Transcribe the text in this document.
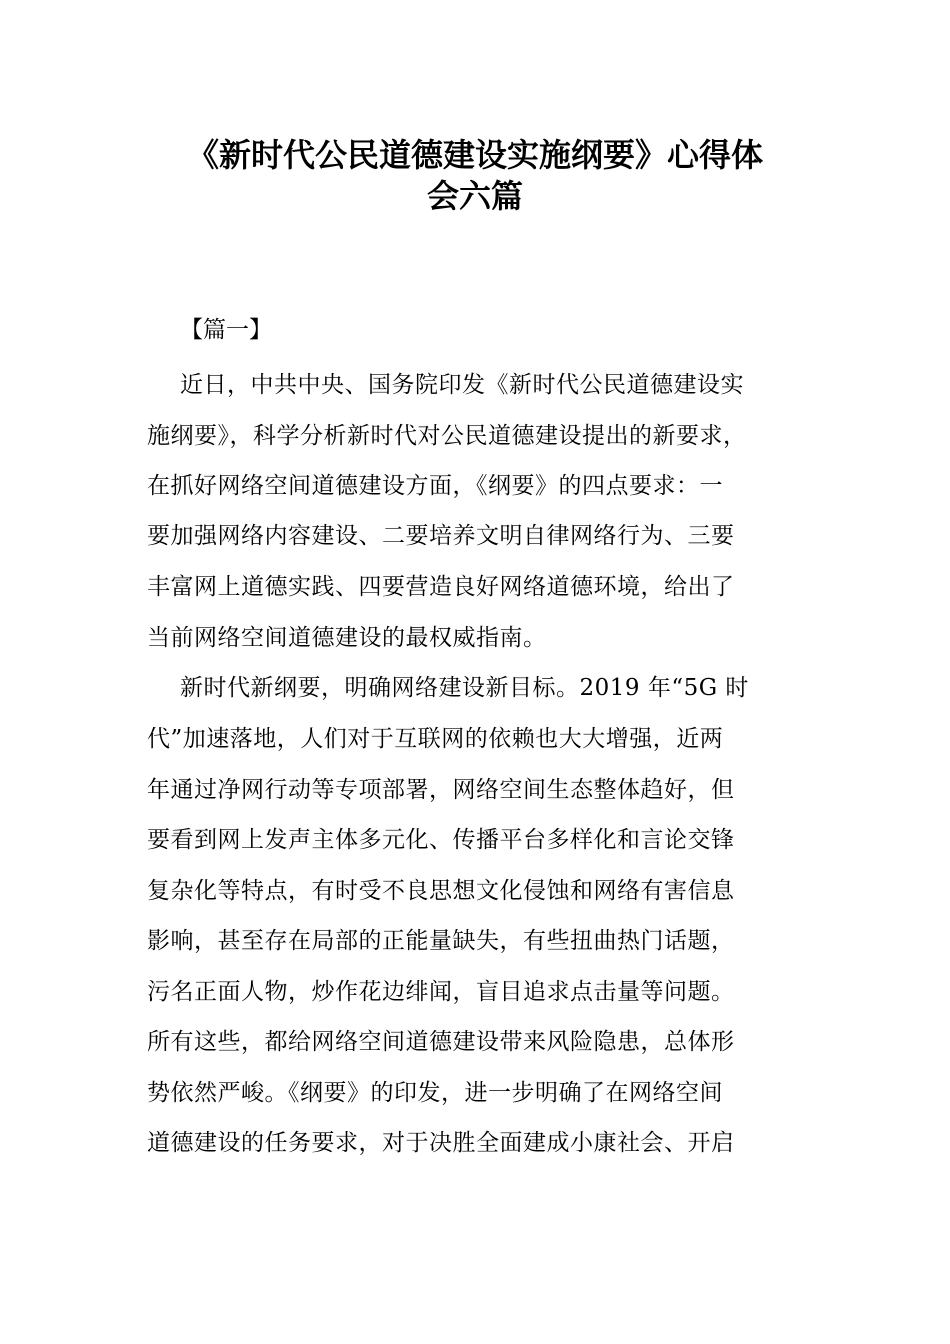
《新时代公民道德建设实施纲要》心得体
会六篇

【篇一】

近日，中共中央、国务院印发《新时代公民道德建设实

施纲要》，科学分析新时代对公民道德建设提出的新要求，

在抓好网络空间道德建设方面，《纲要》的四点要求：一

要加强网络内容建设、二要培养文明自律网络行为、三要

丰富网上道德实践、四要营造良好网络道德环境，给出了

当前网络空间道德建设的最权威指南。

新时代新纲要，明确网络建设新目标。2019 年“5G 时

代”加速落地，人们对于互联网的依赖也大大增强，近两

年通过净网行动等专项部署，网络空间生态整体趋好，但

要看到网上发声主体多元化、传播平台多样化和言论交锋

复杂化等特点，有时受不良思想文化侵蚀和网络有害信息

影响，甚至存在局部的正能量缺失，有些扭曲热门话题，

污名正面人物，炒作花边绯闻，盲目追求点击量等问题。

所有这些，都给网络空间道德建设带来风险隐患，总体形

势依然严峻。《纲要》的印发，进一步明确了在网络空间

道德建设的任务要求，对于决胜全面建成小康社会、开启
